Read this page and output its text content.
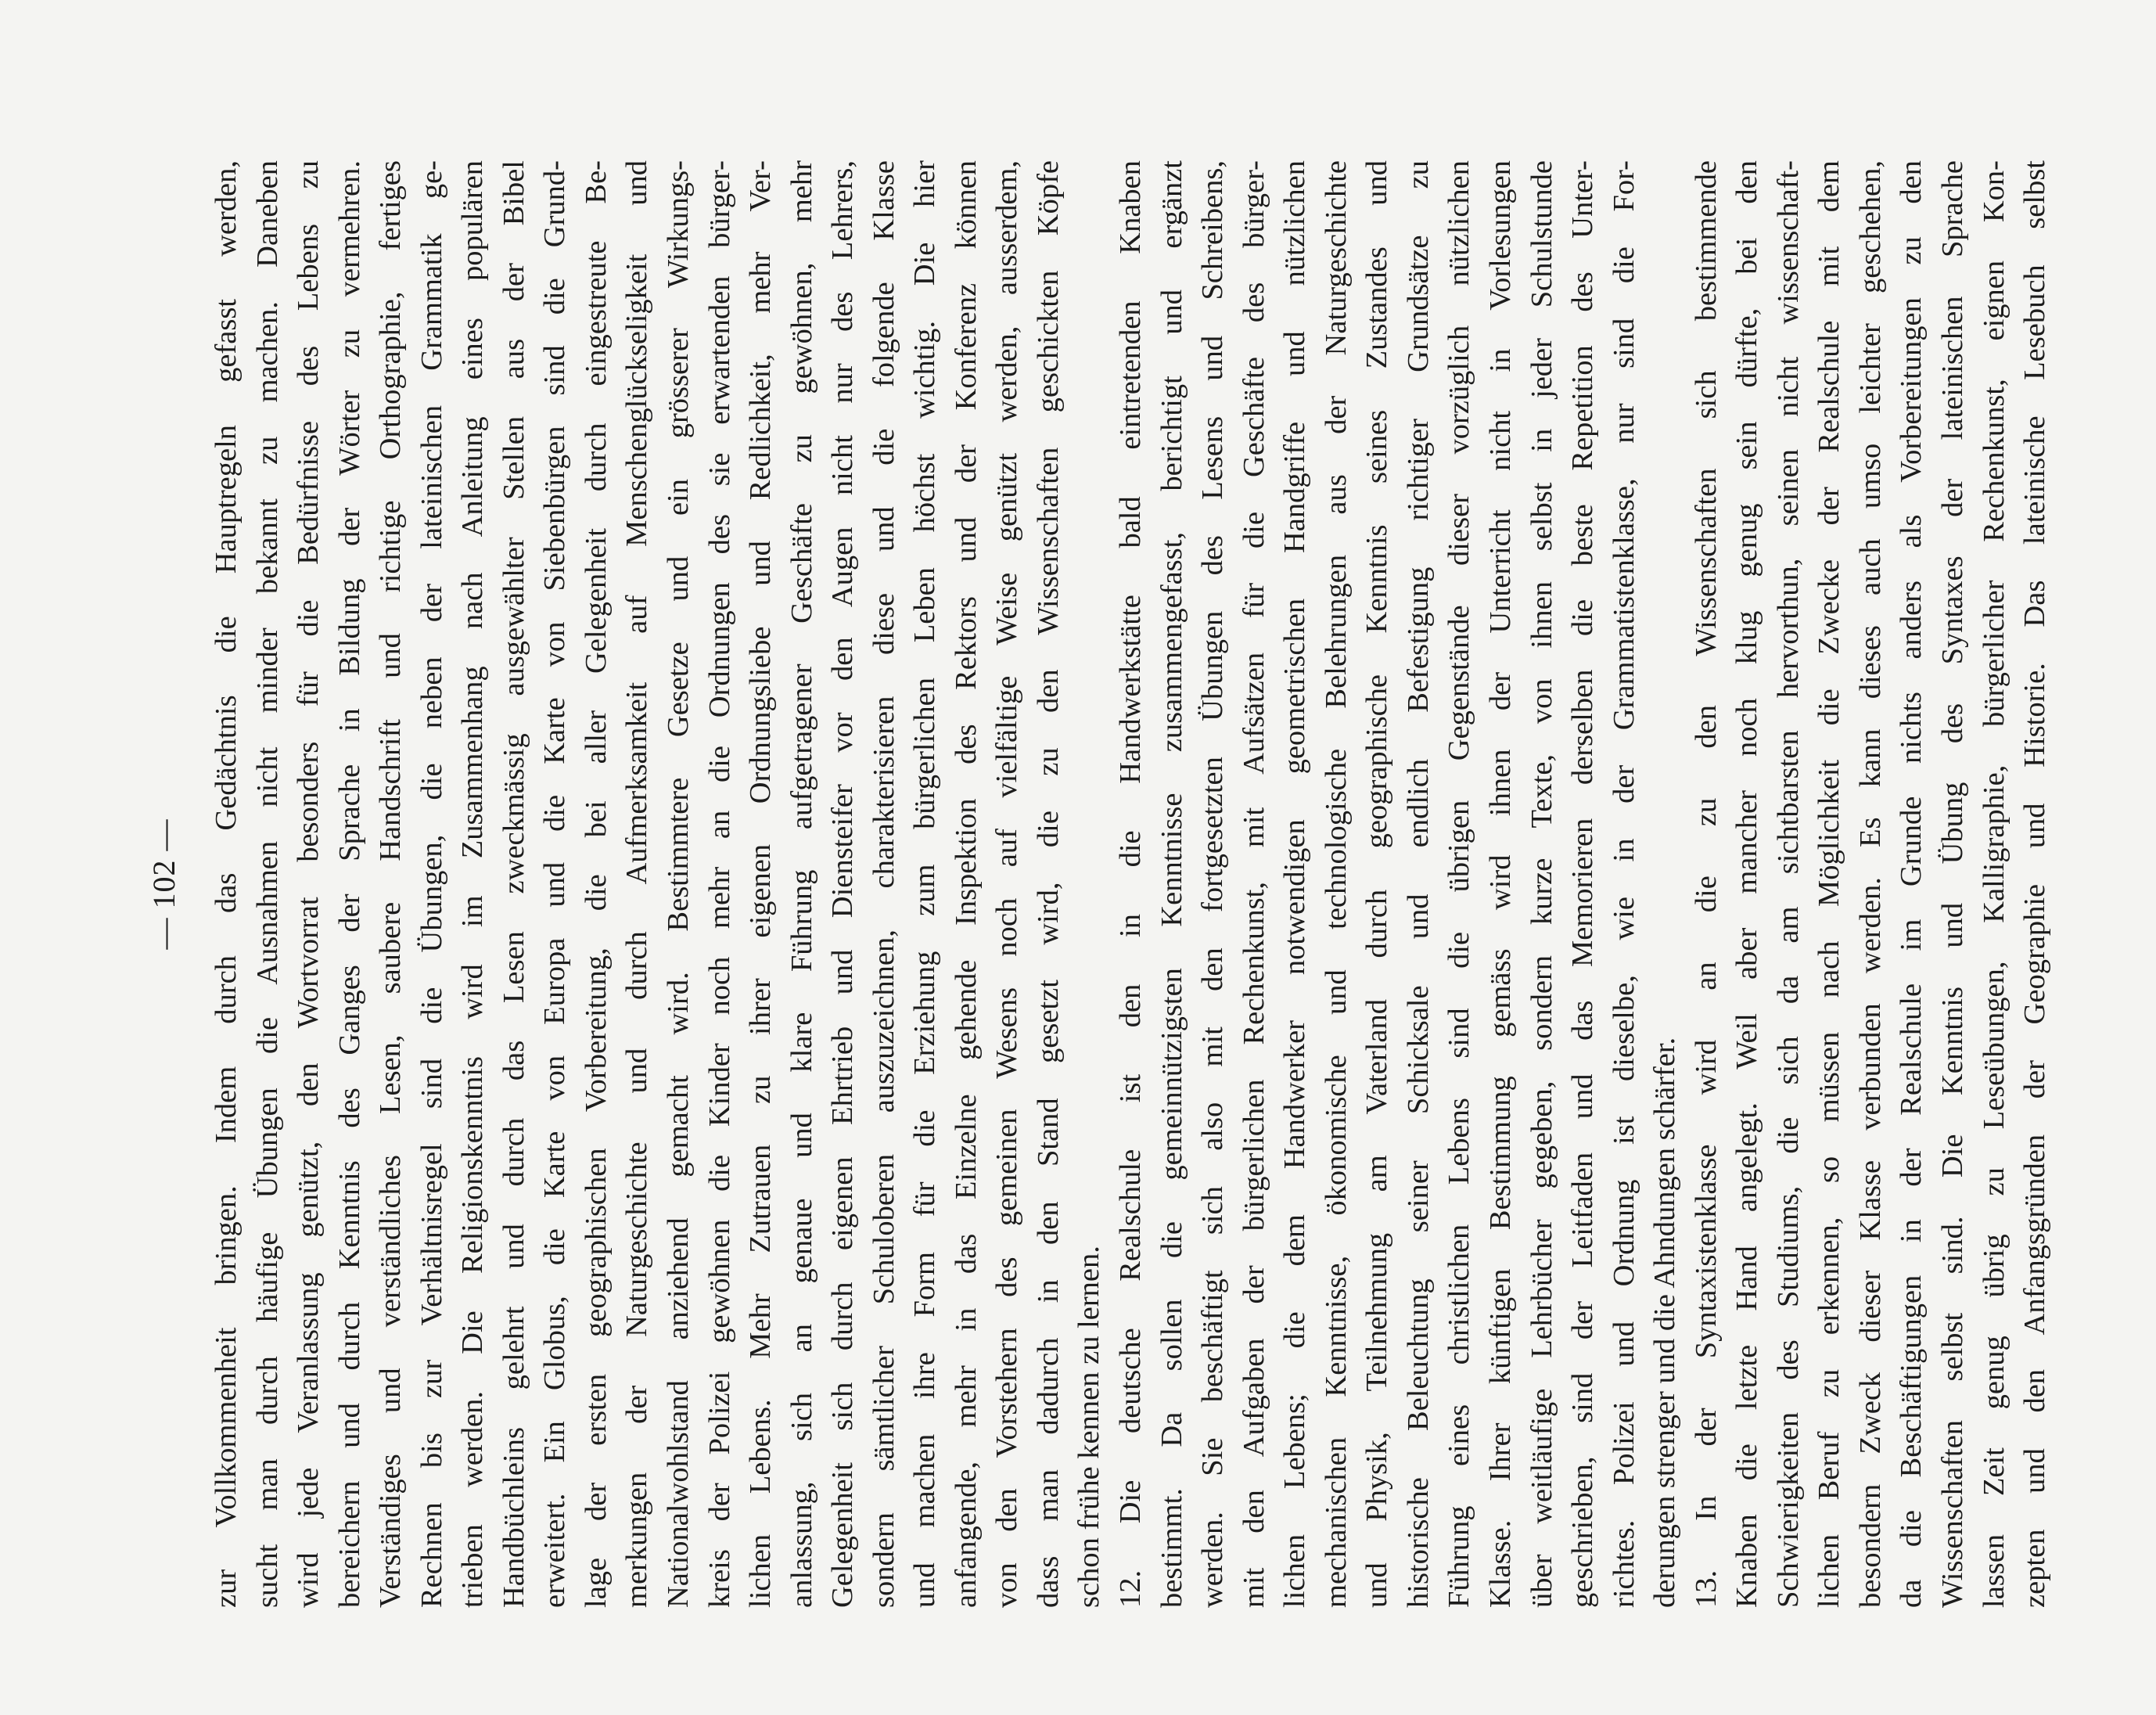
— 102 — zur Vollkommenheit bringen. Indem durch das Gedächtnis die Hauptregeln gefasst werden, sucht man durch häufige Übungen die Ausnahmen nicht minder bekannt zu machen. Daneben wird jede Veranlassung genützt, den Wortvorrat besonders für die Bedürfnisse des Lebens zu bereichern und durch Kenntnis des Ganges der Sprache in Bildung der Wörter zu vermehren. Verständiges und verständliches Lesen, saubere Handschrift und richtige Orthographie, fertiges Rechnen bis zur Verhältnisregel sind die Übungen, die neben der lateinischen Grammatik ge- trieben werden. Die Religionskenntnis wird im Zusammenhang nach Anleitung eines populären Handbüchleins gelehrt und durch das Lesen zweckmässig ausgewählter Stellen aus der Bibel erweitert. Ein Globus, die Karte von Europa und die Karte von Siebenbürgen sind die Grund- lage der ersten geographischen Vorbereitung, die bei aller Gelegenheit durch eingestreute Be- merkungen der Naturgeschichte und durch Aufmerksamkeit auf Menschenglückseligkeit und Nationalwohlstand anziehend gemacht wird. Bestimmtere Gesetze und ein grösserer Wirkungs- kreis der Polizei gewöhnen die Kinder noch mehr an die Ordnungen des sie erwartenden bürger- lichen Lebens. Mehr Zutrauen zu ihrer eigenen Ordnungsliebe und Redlichkeit, mehr Ver- anlassung, sich an genaue und klare Führung aufgetragener Geschäfte zu gewöhnen, mehr Gelegenheit sich durch eigenen Ehrtrieb und Diensteifer vor den Augen nicht nur des Lehrers, sondern sämtlicher Schuloberen auszuzeichnen, charakterisieren diese und die folgende Klasse und machen ihre Form für die Erziehung zum bürgerlichen Leben höchst wichtig. Die hier anfangende, mehr in das Einzelne gehende Inspektion des Rektors und der Konferenz können von den Vorstehern des gemeinen Wesens noch auf vielfältige Weise genützt werden, ausserdem, dass man dadurch in den Stand gesetzt wird, die zu den Wissenschaften geschickten Köpfe schon frühe kennen zu lernen. 12. Die deutsche Realschule ist den in die Handwerkstätte bald eintretenden Knaben bestimmt. Da sollen die gemeinnützigsten Kenntnisse zusammengefasst, berichtigt und ergänzt werden. Sie beschäftigt sich also mit den fortgesetzten Übungen des Lesens und Schreibens, mit den Aufgaben der bürgerlichen Rechenkunst, mit Aufsätzen für die Geschäfte des bürger- lichen Lebens; die dem Handwerker notwendigen geometrischen Handgriffe und nützlichen mechanischen Kenntnisse, ökonomische und technologische Belehrungen aus der Naturgeschichte und Physik, Teilnehmung am Vaterland durch geographische Kenntnis seines Zustandes und historische Beleuchtung seiner Schicksale und endlich Befestigung richtiger Grundsätze zu Führung eines christlichen Lebens sind die übrigen Gegenstände dieser vorzüglich nützlichen Klasse. Ihrer künftigen Bestimmung gemäss wird ihnen der Unterricht nicht in Vorlesungen über weitläufige Lehrbücher gegeben, sondern kurze Texte, von ihnen selbst in jeder Schulstunde geschrieben, sind der Leitfaden und das Memorieren derselben die beste Repetition des Unter- richtes. Polizei und Ordnung ist dieselbe, wie in der Grammatistenklasse, nur sind die For- derungen strenger und die Ahndungen schärfer. 13. In der Syntaxistenklasse wird an die zu den Wissenschaften sich bestimmende Knaben die letzte Hand angelegt. Weil aber mancher noch klug genug sein dürfte, bei den Schwierigkeiten des Studiums, die sich da am sichtbarsten hervorthun, seinen nicht wissenschaft- lichen Beruf zu erkennen, so müssen nach Möglichkeit die Zwecke der Realschule mit dem besondern Zweck dieser Klasse verbunden werden. Es kann dieses auch umso leichter geschehen, da die Beschäftigungen in der Realschule im Grunde nichts anders als Vorbereitungen zu den Wissenschaften selbst sind. Die Kenntnis und Übung des Syntaxes der lateinischen Sprache lassen Zeit genug übrig zu Leseübungen, Kalligraphie, bürgerlicher Rechenkunst, eignen Kon- zepten und den Anfangsgründen der Geographie und Historie. Das lateinische Lesebuch selbst
